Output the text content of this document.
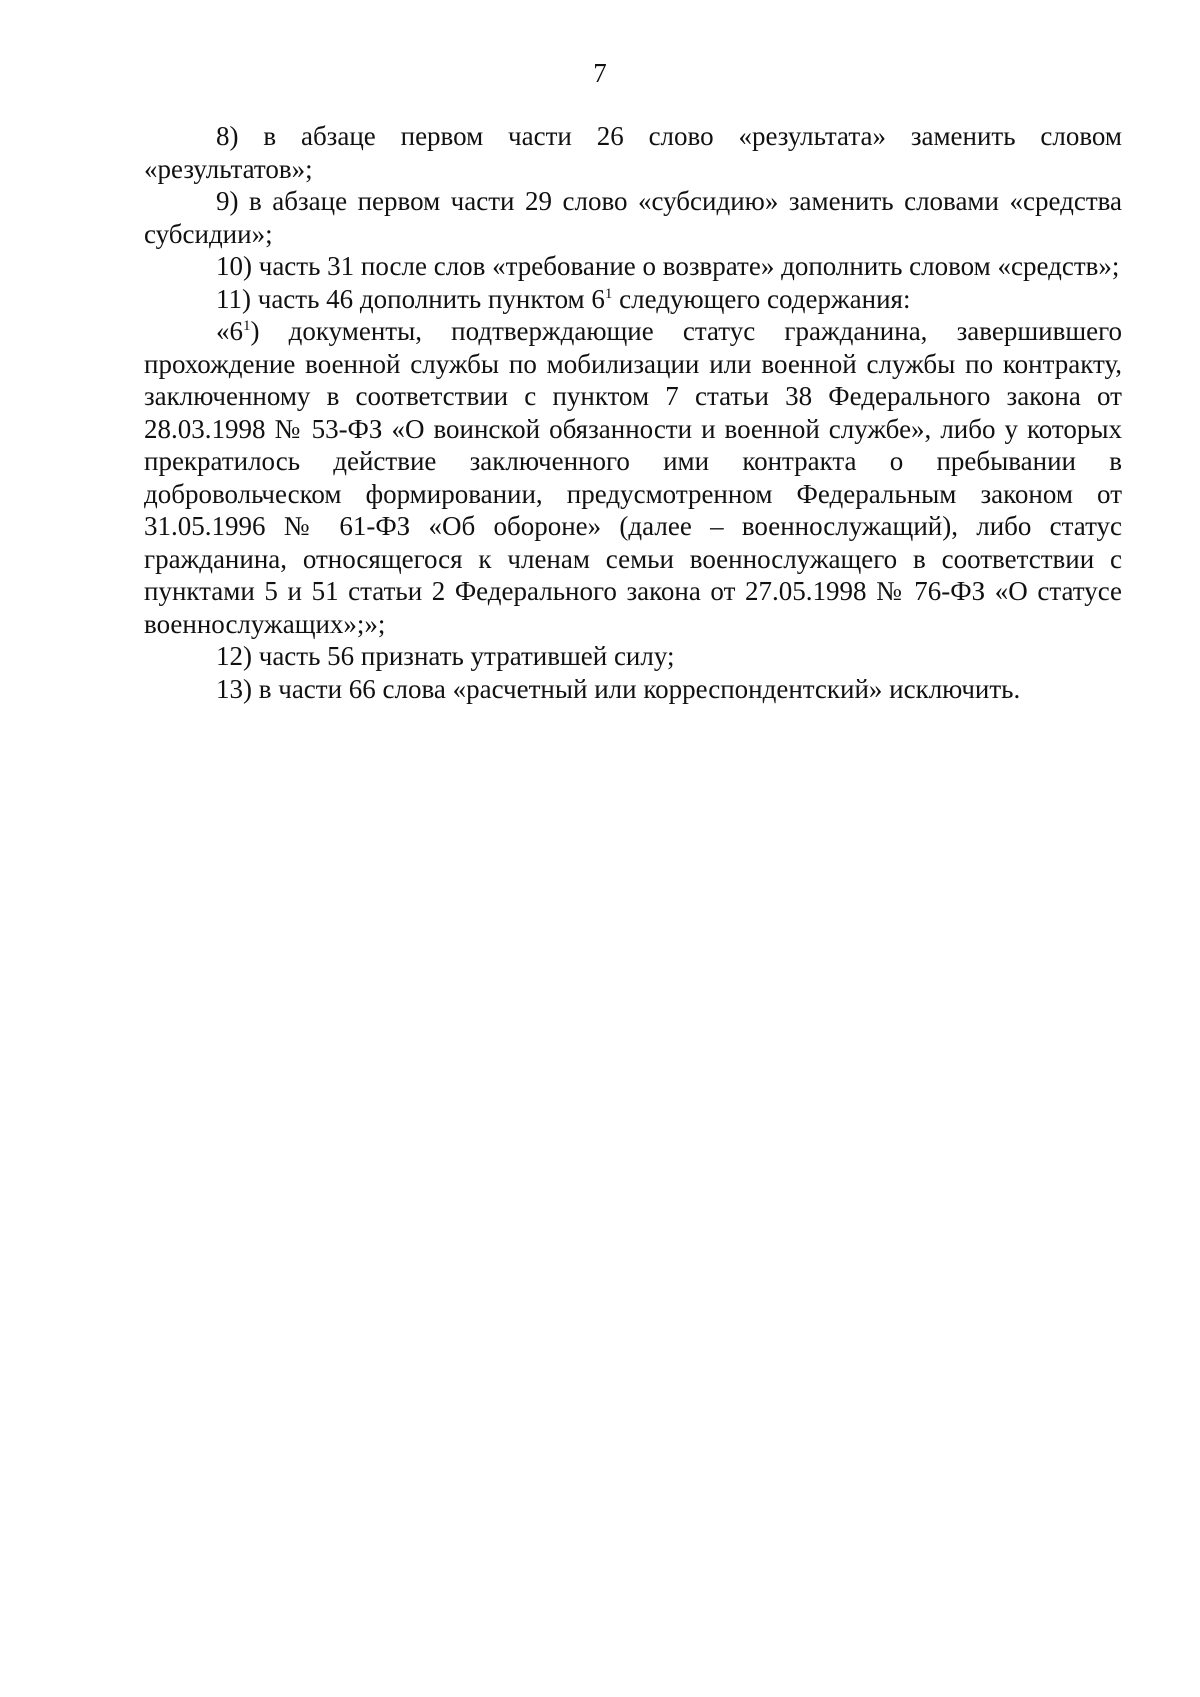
7

8) в абзаце первом части 26 слово «результата» заменить словом «результатов»;

9) в абзаце первом части 29 слово «субсидию» заменить словами «средства субсидии»;

10) часть 31 после слов «требование о возврате» дополнить словом «средств»;

11) часть 46 дополнить пунктом $6^1$ следующего содержания:

«$6^1$) документы, подтверждающие статус гражданина, завершившего прохождение военной службы по мобилизации или военной службы по контракту, заключенному в соответствии с пунктом 7 статьи 38 Федерального закона от 28.03.1998 № 53-ФЗ «О воинской обязанности и военной службе», либо у которых прекратилось действие заключенного ими контракта о пребывании в добровольческом формировании, предусмотренном Федеральным законом от 31.05.1996 № 61-ФЗ «Об обороне» (далее – военнослужащий), либо статус гражданина, относящегося к членам семьи военнослужащего в соответствии с пунктами 5 и 51 статьи 2 Федерального закона от 27.05.1998 № 76-ФЗ «О статусе военнослужащих»;»;

12) часть 56 признать утратившей силу;

13) в части 66 слова «расчетный или корреспондентский» исключить.
